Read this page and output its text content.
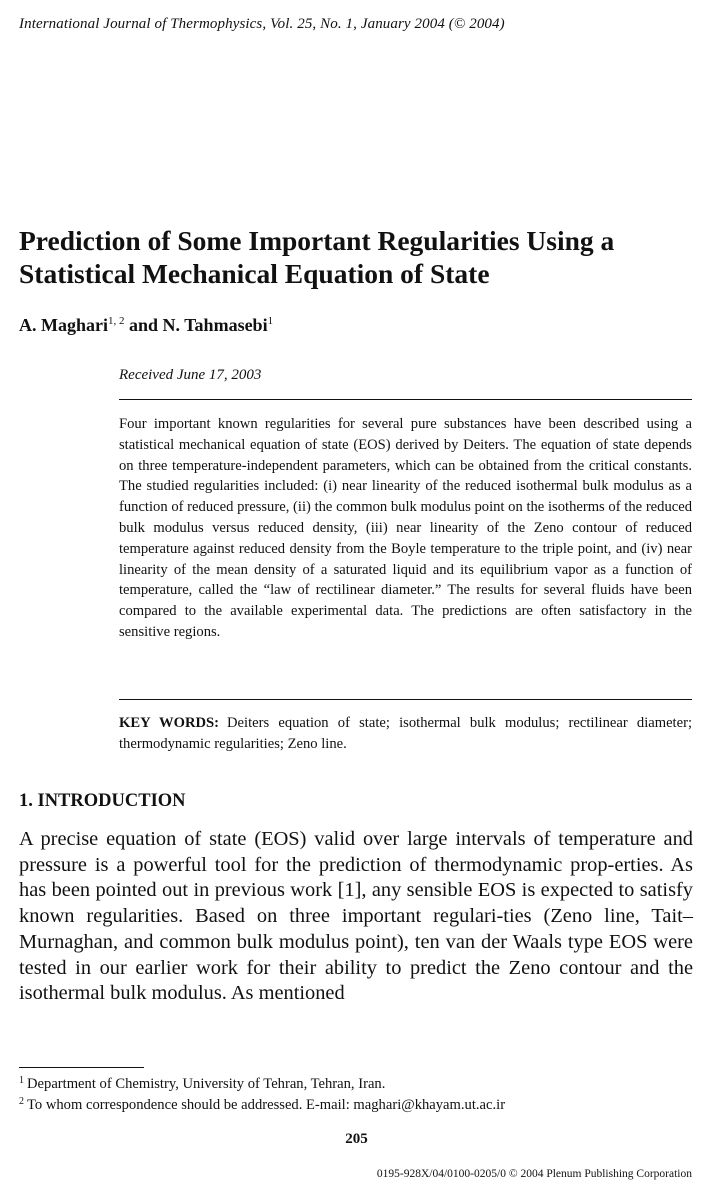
International Journal of Thermophysics, Vol. 25, No. 1, January 2004 (© 2004)
Prediction of Some Important Regularities Using a Statistical Mechanical Equation of State
A. Maghari$^{1, 2}$ and N. Tahmasebi$^1$
Received June 17, 2003

Four important known regularities for several pure substances have been described using a statistical mechanical equation of state (EOS) derived by Deiters. The equation of state depends on three temperature-independent parameters, which can be obtained from the critical constants. The studied regularities included: (i) near linearity of the reduced isothermal bulk modulus as a function of reduced pressure, (ii) the common bulk modulus point on the isotherms of the reduced bulk modulus versus reduced density, (iii) near linearity of the Zeno contour of reduced temperature against reduced density from the Boyle temperature to the triple point, and (iv) near linearity of the mean density of a saturated liquid and its equilibrium vapor as a function of temperature, called the “law of rectilinear diameter.” The results for several fluids have been compared to the available experimental data. The predictions are often satisfactory in the sensitive regions.

KEY WORDS: Deiters equation of state; isothermal bulk modulus; rectilinear diameter; thermodynamic regularities; Zeno line.

1. INTRODUCTION

A precise equation of state (EOS) valid over large intervals of temperature and pressure is a powerful tool for the prediction of thermodynamic prop-erties. As has been pointed out in previous work [1], any sensible EOS is expected to satisfy known regularities. Based on three important regulari-ties (Zeno line, Tait–Murnaghan, and common bulk modulus point), ten van der Waals type EOS were tested in our earlier work for their ability to predict the Zeno contour and the isothermal bulk modulus. As mentioned

$^1$ Department of Chemistry, University of Tehran, Tehran, Iran.
$^2$ To whom correspondence should be addressed. E-mail: maghari@khayam.ut.ac.ir
205
0195-928X/04/0100-0205/0 © 2004 Plenum Publishing Corporation
